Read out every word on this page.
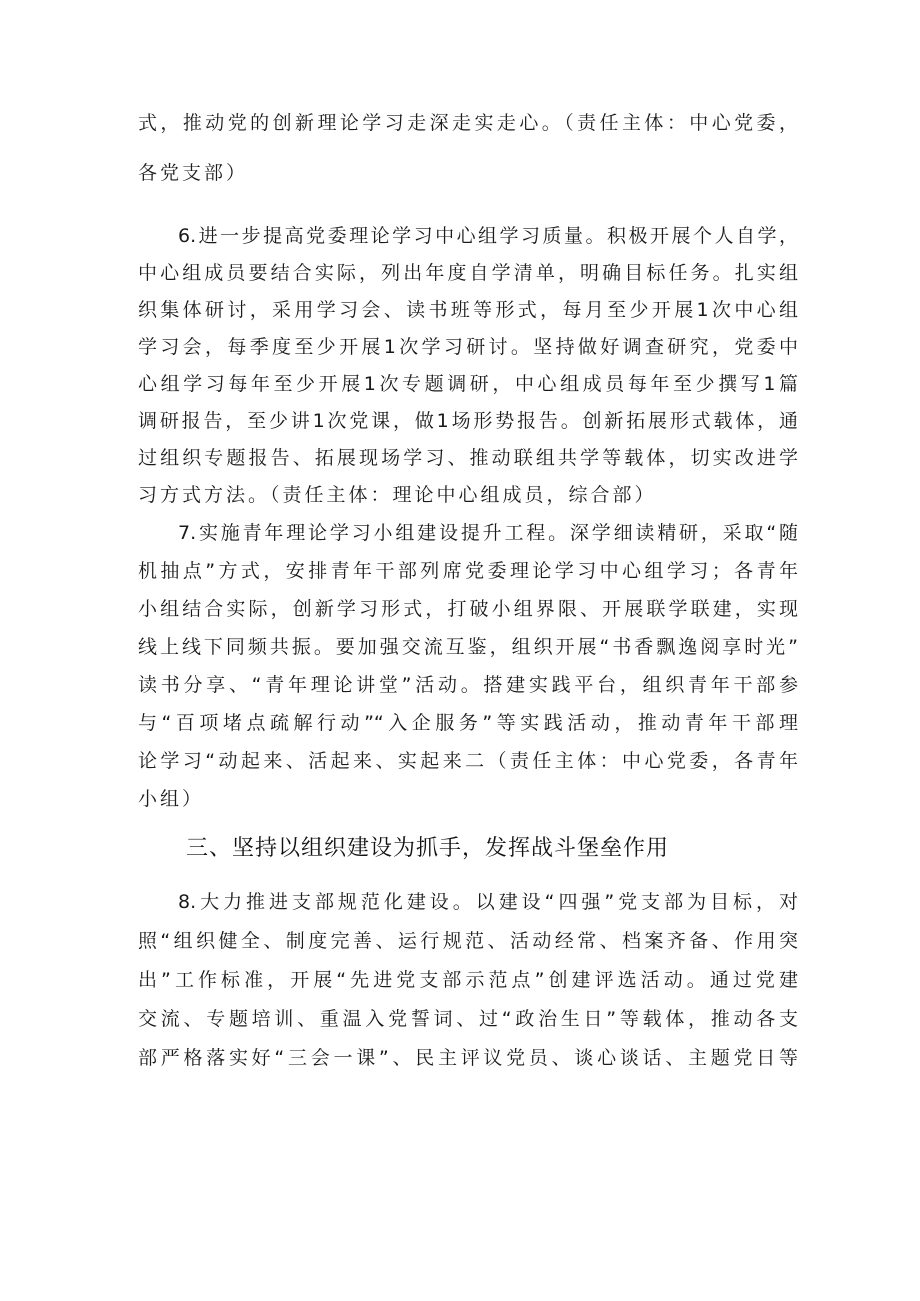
式，推动党的创新理论学习走深走实走心。（责任主体：中心党委，
各党支部）
6.进一步提高党委理论学习中心组学习质量。积极开展个人自学，
中心组成员要结合实际，列出年度自学清单，明确目标任务。扎实组
织集体研讨，采用学习会、读书班等形式，每月至少开展1次中心组
学习会，每季度至少开展1次学习研讨。坚持做好调查研究，党委中
心组学习每年至少开展1次专题调研，中心组成员每年至少撰写1篇
调研报告，至少讲1次党课，做1场形势报告。创新拓展形式载体，通
过组织专题报告、拓展现场学习、推动联组共学等载体，切实改进学
习方式方法。（责任主体：理论中心组成员，综合部）
7.实施青年理论学习小组建设提升工程。深学细读精研，采取“随
机抽点”方式，安排青年干部列席党委理论学习中心组学习；各青年
小组结合实际，创新学习形式，打破小组界限、开展联学联建，实现
线上线下同频共振。要加强交流互鉴，组织开展“书香飘逸阅享时光”
读书分享、“青年理论讲堂”活动。搭建实践平台，组织青年干部参
与“百项堵点疏解行动”“入企服务”等实践活动，推动青年干部理
论学习“动起来、活起来、实起来二（责任主体：中心党委，各青年
小组）
三、坚持以组织建设为抓手，发挥战斗堡垒作用
8.大力推进支部规范化建设。以建设“四强”党支部为目标，对
照“组织健全、制度完善、运行规范、活动经常、档案齐备、作用突
出”工作标准，开展“先进党支部示范点”创建评选活动。通过党建
交流、专题培训、重温入党誓词、过“政治生日”等载体，推动各支
部严格落实好“三会一课”、民主评议党员、谈心谈话、主题党日等
